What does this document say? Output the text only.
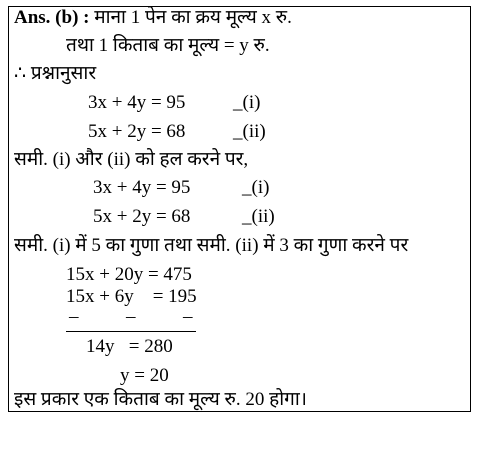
Ans. (b) : माना 1 पेन का क्रय मूल्य x रु.
तथा 1 किताब का मूल्य = y रु.
∴ प्रश्नानुसार
3x + 4y = 95	_(i)
5x + 2y = 68	_(ii)
समी. (i) और (ii) को हल करने पर,
3x + 4y = 95	_(i)
5x + 2y = 68	_(ii)
समी. (i) में 5 का गुणा तथा समी. (ii) में 3 का गुणा करने पर
15x + 20y = 475
15x + 6y    = 195
–          –          –
14y   = 280
y = 20
इस प्रकार एक किताब का मूल्य रु. 20 होगा।
